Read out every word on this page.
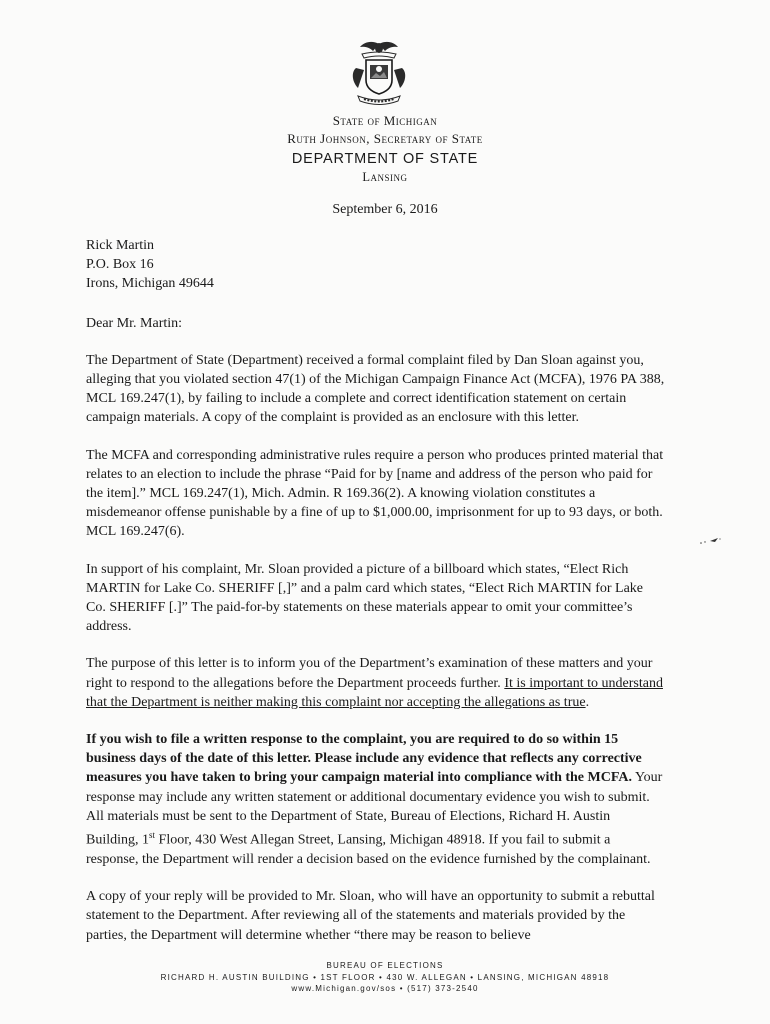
State of Michigan
Ruth Johnson, Secretary of State
DEPARTMENT OF STATE
Lansing
September 6, 2016

Rick Martin

P.O. Box 16

Irons, Michigan 49644

Dear Mr. Martin:

The Department of State (Department) received a formal complaint filed by Dan Sloan against you, alleging that you violated section 47(1) of the Michigan Campaign Finance Act (MCFA), 1976 PA 388, MCL 169.247(1), by failing to include a complete and correct identification statement on certain campaign materials. A copy of the complaint is provided as an enclosure with this letter.

The MCFA and corresponding administrative rules require a person who produces printed material that relates to an election to include the phrase “Paid for by [name and address of the person who paid for the item].” MCL 169.247(1), Mich. Admin. R 169.36(2). A knowing violation constitutes a misdemeanor offense punishable by a fine of up to $1,000.00, imprisonment for up to 93 days, or both. MCL 169.247(6).

In support of his complaint, Mr. Sloan provided a picture of a billboard which states, “Elect Rich MARTIN for Lake Co. SHERIFF [,]” and a palm card which states, “Elect Rich MARTIN for Lake Co. SHERIFF [.]” The paid-for-by statements on these materials appear to omit your committee’s address.

The purpose of this letter is to inform you of the Department’s examination of these matters and your right to respond to the allegations before the Department proceeds further. It is important to understand that the Department is neither making this complaint nor accepting the allegations as true.

If you wish to file a written response to the complaint, you are required to do so within 15 business days of the date of this letter. Please include any evidence that reflects any corrective measures you have taken to bring your campaign material into compliance with the MCFA. Your response may include any written statement or additional documentary evidence you wish to submit. All materials must be sent to the Department of State, Bureau of Elections, Richard H. Austin Building, 1st Floor, 430 West Allegan Street, Lansing, Michigan 48918. If you fail to submit a response, the Department will render a decision based on the evidence furnished by the complainant.

A copy of your reply will be provided to Mr. Sloan, who will have an opportunity to submit a rebuttal statement to the Department. After reviewing all of the statements and materials provided by the parties, the Department will determine whether “there may be reason to believe

BUREAU OF ELECTIONS
RICHARD H. AUSTIN BUILDING • 1ST FLOOR • 430 W. ALLEGAN • LANSING, MICHIGAN 48918
www.Michigan.gov/sos • (517) 373-2540
